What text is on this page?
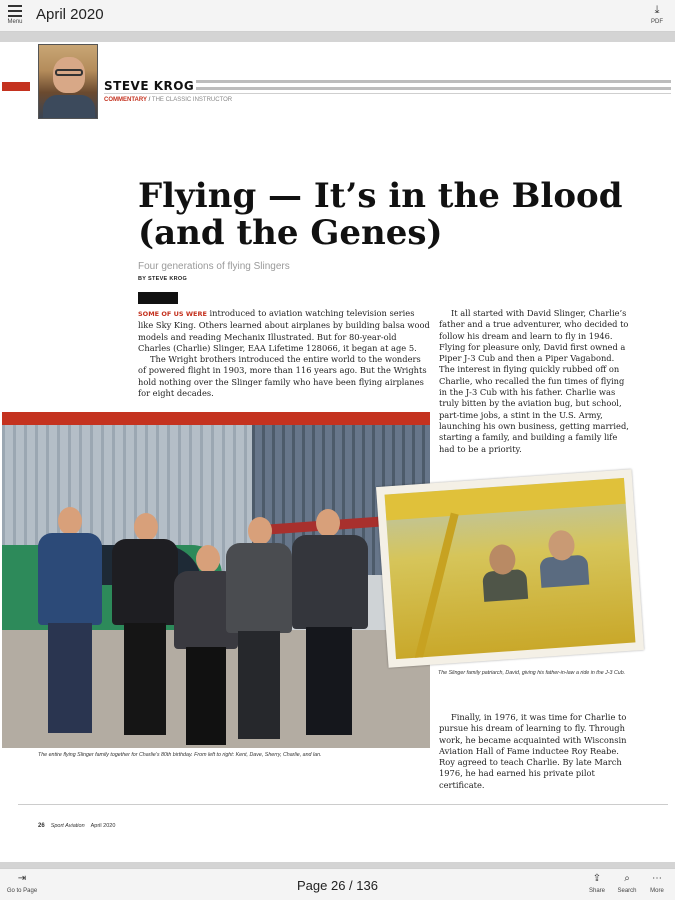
Menu April 2020	⤓
PDF
STEVE KROG
COMMENTARY / THE CLASSIC INSTRUCTOR
Flying — It’s in the Blood (and the Genes)
Four generations of flying Slingers
BY STEVE KROG
SOME OF US WERE introduced to aviation watching television series like Sky King. Others learned about airplanes by building balsa wood models and reading Mechanix Illustrated. But for 80-year-old Charles (Charlie) Slinger, EAA Lifetime 128066, it began at age 5.
The Wright brothers introduced the entire world to the wonders of powered flight in 1903, more than 116 years ago. But the Wrights hold nothing over the Slinger family who have been flying airplanes for eight decades.
It all started with David Slinger, Charlie’s father and a true adventurer, who decided to follow his dream and learn to fly in 1946. Flying for pleasure only, David first owned a Piper J-3 Cub and then a Piper Vagabond. The interest in flying quickly rubbed off on Charlie, who recalled the fun times of flying in the J-3 Cub with his father. Charlie was truly bitten by the aviation bug, but school, part-time jobs, a stint in the U.S. Army, launching his own business, getting married, starting a family, and building a family life had to be a priority.
The entire flying Slinger family together for Charlie’s 80th birthday. From left to right: Kent, Dave, Sherry, Charlie, and lan.
The Slinger family patriarch, David, giving his father-in-law a ride in the J-3 Cub.
Finally, in 1976, it was time for Charlie to pursue his dream of learning to fly. Through work, he became acquainted with Wisconsin Aviation Hall of Fame inductee Roy Reabe. Roy agreed to teach Charlie. By late March 1976, he had earned his private pilot certificate.
26 Sport Aviation April 2020
⇥
Go to Page	Page 26 / 136	⇪
Share
⌕
Search
⋯
More
